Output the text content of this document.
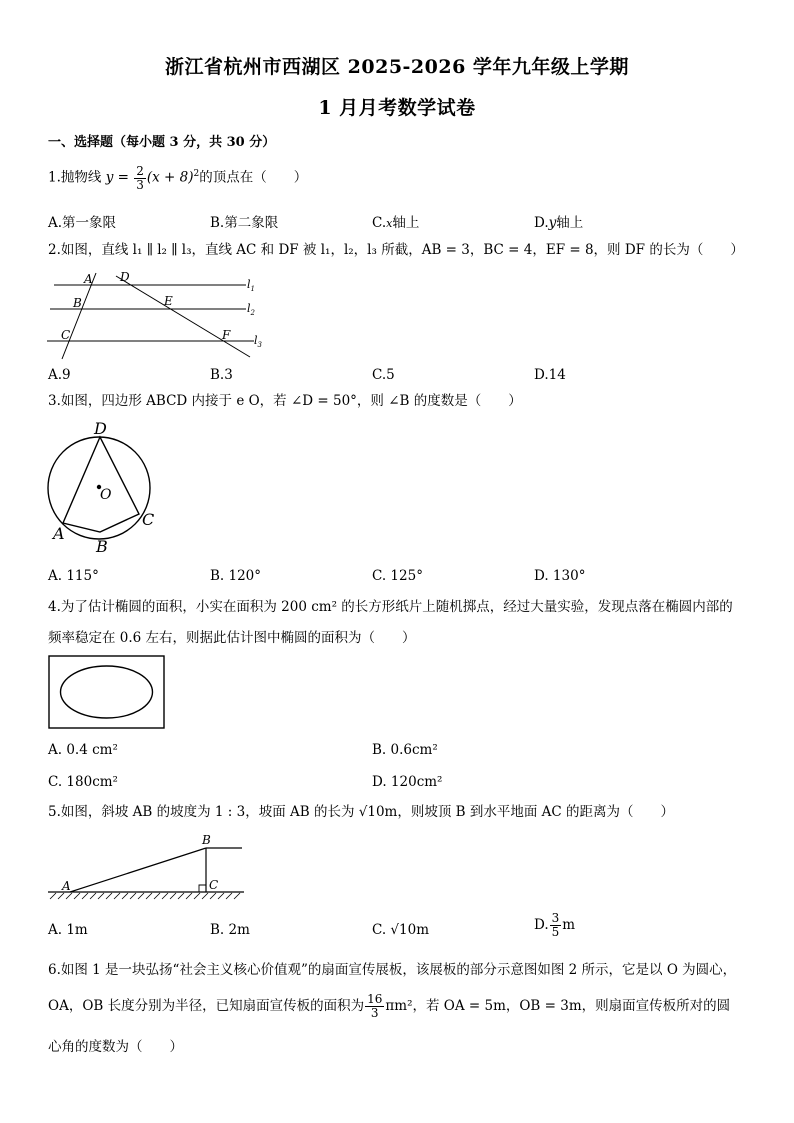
浙江省杭州市西湖区 2025-2026 学年九年级上学期
1 月月考数学试卷
一、选择题（每小题 3 分，共 30 分）
1.抛物线 $y = \frac{2}{3} (x + 8)^2$的顶点在（　　）
A.第一象限	B.第二象限	C.x轴上	D.y轴上
2.如图，直线 l₁ ∥ l₂ ∥ l₃，直线 AC 和 DF 被 l₁，l₂，l₃ 所截，AB = 3，BC = 4，EF = 8，则 DF 的长为（　　）
A D
B	E
C	F
$l_1$
$l_2$
$l_3$
A.9	B.3	C.5	D.14
3.如图，四边形 ABCD 内接于 e O，若 ∠D = 50°，则 ∠B 的度数是（　　）
D
O
A
B
C
A. 115°	B. 120°	C. 125°	D. 130°
4.为了估计椭圆的面积，小实在面积为 200 cm² 的长方形纸片上随机掷点，经过大量实验，发现点落在椭圆内部的
频率稳定在 0.6 左右，则据此估计图中椭圆的面积为（　　）
A. 0.4 cm²	B. 0.6cm²
C. 180cm²	D. 120cm²
5.如图，斜坡 AB 的坡度为 1 : 3，坡面 AB 的长为 √10m，则坡顶 B 到水平地面 AC 的距离为（　　）
B
A	C
A. 1m	B. 2m	C. √10m	D. $\frac{3}{5}$ m
6.如图 1 是一块弘扬“社会主义核心价值观”的扇面宣传展板，该展板的部分示意图如图 2 所示，它是以 O 为圆心，
OA，OB 长度分别为半径，已知扇面宣传板的面积为 $\frac{16}{3} \pi m^2$，若 OA = 5m，OB = 3m，则扇面宣传板所对的圆
心角的度数为（　　）
